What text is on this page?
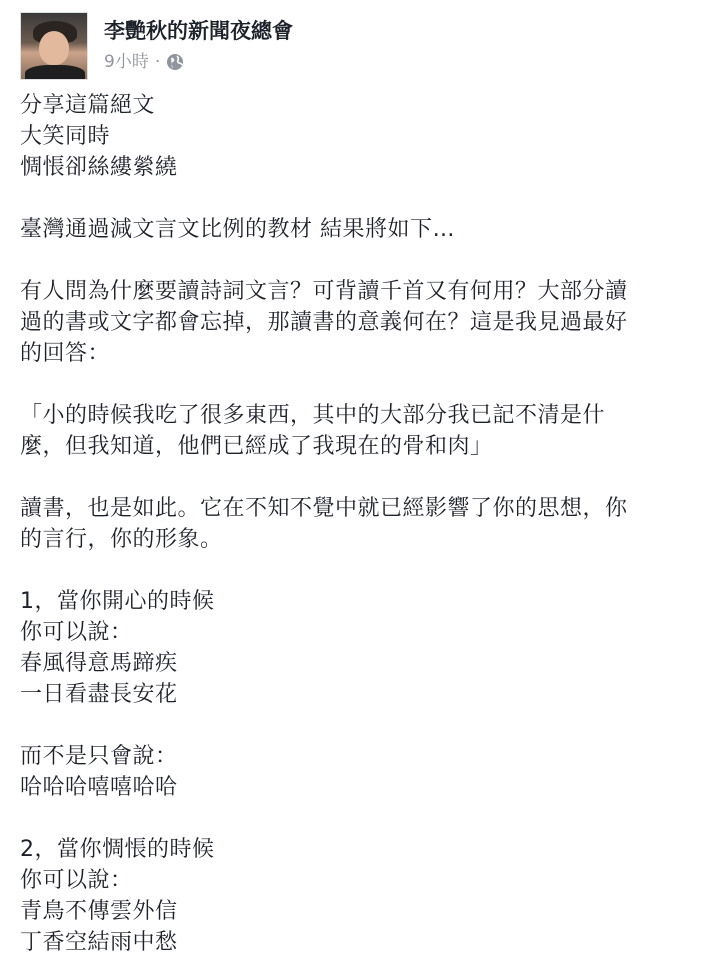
李艷秋的新聞夜總會
9小時 ·
分享這篇絕文
大笑同時
惆悵卻絲縷縈繞
臺灣通過減文言文比例的教材 結果將如下…
有人問為什麼要讀詩詞文言？可背讀千首又有何用？大部分讀
過的書或文字都會忘掉，那讀書的意義何在？這是我見過最好
的回答：
「小的時候我吃了很多東西，其中的大部分我已記不清是什
麼，但我知道，他們已經成了我現在的骨和肉」
讀書，也是如此。它在不知不覺中就已經影響了你的思想，你
的言行，你的形象。
1，當你開心的時候
你可以說：
春風得意馬蹄疾
一日看盡長安花
而不是只會說：
哈哈哈嘻嘻哈哈
2，當你惆悵的時候
你可以說：
青鳥不傳雲外信
丁香空結雨中愁
